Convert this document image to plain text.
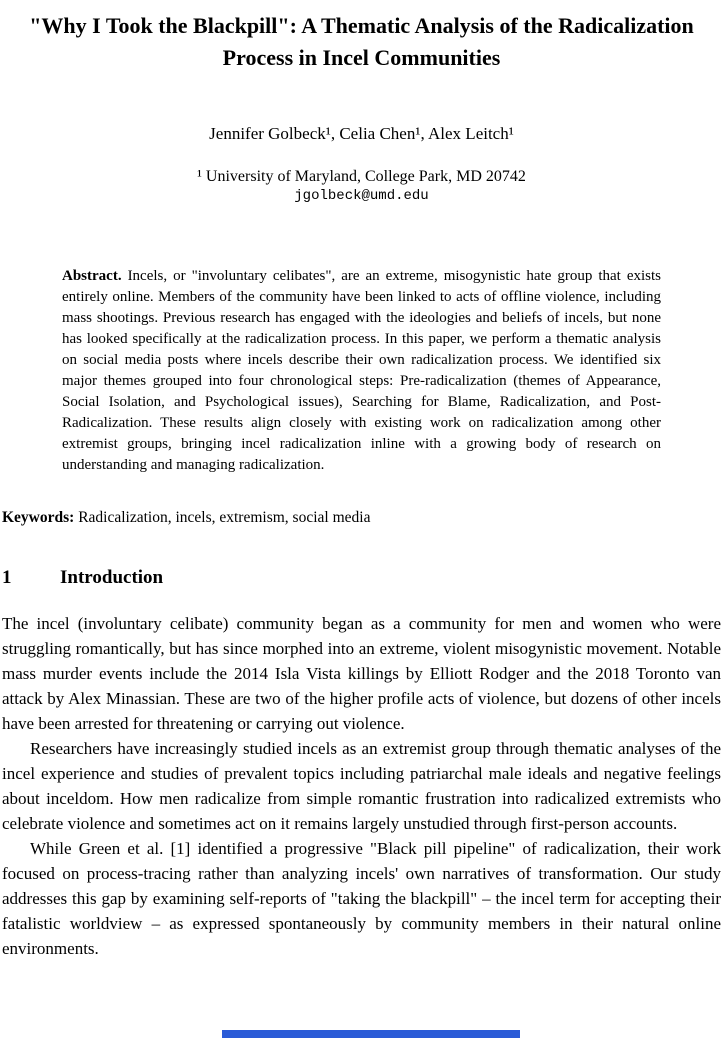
"Why I Took the Blackpill": A Thematic Analysis of the Radicalization Process in Incel Communities
Jennifer Golbeck¹, Celia Chen¹, Alex Leitch¹
¹ University of Maryland, College Park, MD 20742
jgolbeck@umd.edu
Abstract. Incels, or "involuntary celibates", are an extreme, misogynistic hate group that exists entirely online. Members of the community have been linked to acts of offline violence, including mass shootings. Previous research has engaged with the ideologies and beliefs of incels, but none has looked specifically at the radicalization process. In this paper, we perform a thematic analysis on social media posts where incels describe their own radicalization process. We identified six major themes grouped into four chronological steps: Pre-radicalization (themes of Appearance, Social Isolation, and Psychological issues), Searching for Blame, Radicalization, and Post-Radicalization. These results align closely with existing work on radicalization among other extremist groups, bringing incel radicalization inline with a growing body of research on understanding and managing radicalization.
Keywords: Radicalization, incels, extremism, social media
1	Introduction

The incel (involuntary celibate) community began as a community for men and women who were struggling romantically, but has since morphed into an extreme, violent misogynistic movement. Notable mass murder events include the 2014 Isla Vista killings by Elliott Rodger and the 2018 Toronto van attack by Alex Minassian. These are two of the higher profile acts of violence, but dozens of other incels have been arrested for threatening or carrying out violence.

Researchers have increasingly studied incels as an extremist group through thematic analyses of the incel experience and studies of prevalent topics including patriarchal male ideals and negative feelings about inceldom. How men radicalize from simple romantic frustration into radicalized extremists who celebrate violence and sometimes act on it remains largely unstudied through first-person accounts.

While Green et al. [1] identified a progressive "Black pill pipeline" of radicalization, their work focused on process-tracing rather than analyzing incels' own narratives of transformation. Our study addresses this gap by examining self-reports of "taking the blackpill" – the incel term for accepting their fatalistic worldview – as expressed spontaneously by community members in their natural online environments.
